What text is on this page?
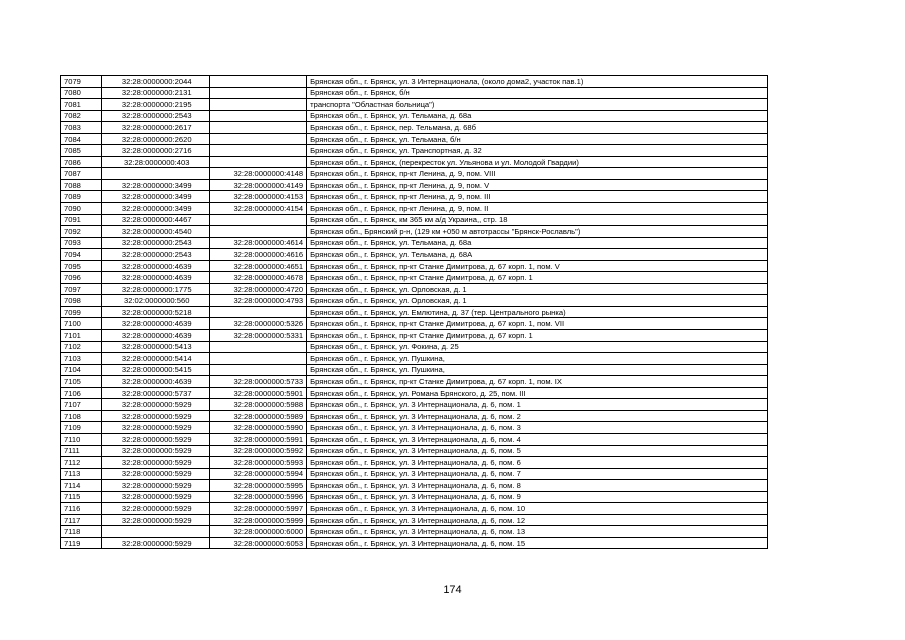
7079	32:28:0000000:2044		Брянская обл., г. Брянск, ул. 3 Интернационала, (около дома2, участок пав.1)
7080	32:28:0000000:2131		Брянская обл., г. Брянск, б/н
7081	32:28:0000000:2195		транспорта "Областная больница")
7082	32:28:0000000:2543		Брянская обл., г. Брянск, ул. Тельмана, д. 68а
7083	32:28:0000000:2617		Брянская обл., г. Брянск, пер. Тельмана, д. 68б
7084	32:28:0000000:2620		Брянская обл., г. Брянск, ул. Тельмана, б/н
7085	32:28:0000000:2716		Брянская обл., г. Брянск, ул. Транспортная, д. 32
7086	32:28:0000000:403		Брянская обл., г. Брянск, (перекресток ул. Ульянова и ул. Молодой Гвардии)
7087		32:28:0000000:4148	Брянская обл., г. Брянск, пр-кт Ленина, д. 9, пом. VIII
7088	32:28:0000000:3499	32:28:0000000:4149	Брянская обл., г. Брянск, пр-кт Ленина, д. 9, пом. V
7089	32:28:0000000:3499	32:28:0000000:4153	Брянская обл., г. Брянск, пр-кт Ленина, д. 9, пом. III
7090	32:28:0000000:3499	32:28:0000000:4154	Брянская обл., г. Брянск, пр-кт Ленина, д. 9, пом. II
7091	32:28:0000000:4467		Брянская обл., г. Брянск, км 365 км а/д Украина,, стр. 18
7092	32:28:0000000:4540		Брянская обл., Брянский р-н, (129 км +050 м автотрассы "Брянск-Рославль")
7093	32:28:0000000:2543	32:28:0000000:4614	Брянская обл., г. Брянск, ул. Тельмана, д. 68а
7094	32:28:0000000:2543	32:28:0000000:4616	Брянская обл., г. Брянск, ул. Тельмана, д. 68А
7095	32:28:0000000:4639	32:28:0000000:4651	Брянская обл., г. Брянск, пр-кт Станке Димитрова, д. 67 корп. 1, пом. V
7096	32:28:0000000:4639	32:28:0000000:4678	Брянская обл., г. Брянск, пр-кт Станке Димитрова, д. 67 корп. 1
7097	32:28:0000000:1775	32:28:0000000:4720	Брянская обл., г. Брянск, ул. Орловская, д. 1
7098	32:02:0000000:560	32:28:0000000:4793	Брянская обл., г. Брянск, ул. Орловская, д. 1
7099	32:28:0000000:5218		Брянская обл., г. Брянск, ул. Емлютина, д. 37 (тер. Центрального рынка)
7100	32:28:0000000:4639	32:28:0000000:5326	Брянская обл., г. Брянск, пр-кт Станке Димитрова, д. 67 корп. 1, пом. VII
7101	32:28:0000000:4639	32:28:0000000:5331	Брянская обл., г. Брянск, пр-кт Станке Димитрова, д. 67 корп. 1
7102	32:28:0000000:5413		Брянская обл., г. Брянск, ул. Фокина, д. 25
7103	32:28:0000000:5414		Брянская обл., г. Брянск, ул. Пушкина,
7104	32:28:0000000:5415		Брянская обл., г. Брянск, ул. Пушкина,
7105	32:28:0000000:4639	32:28:0000000:5733	Брянская обл., г. Брянск, пр-кт Станке Димитрова, д. 67 корп. 1, пом. IX
7106	32:28:0000000:5737	32:28:0000000:5901	Брянская обл., г. Брянск, ул. Романа Брянского, д. 25, пом. III
7107	32:28:0000000:5929	32:28:0000000:5988	Брянская обл., г. Брянск, ул. 3 Интернационала, д. 6, пом. 1
7108	32:28:0000000:5929	32:28:0000000:5989	Брянская обл., г. Брянск, ул. 3 Интернационала, д. 6, пом. 2
7109	32:28:0000000:5929	32:28:0000000:5990	Брянская обл., г. Брянск, ул. 3 Интернационала, д. 6, пом. 3
7110	32:28:0000000:5929	32:28:0000000:5991	Брянская обл., г. Брянск, ул. 3 Интернационала, д. 6, пом. 4
7111	32:28:0000000:5929	32:28:0000000:5992	Брянская обл., г. Брянск, ул. 3 Интернационала, д. 6, пом. 5
7112	32:28:0000000:5929	32:28:0000000:5993	Брянская обл., г. Брянск, ул. 3 Интернационала, д. 6, пом. 6
7113	32:28:0000000:5929	32:28:0000000:5994	Брянская обл., г. Брянск, ул. 3 Интернационала, д. 6, пом. 7
7114	32:28:0000000:5929	32:28:0000000:5995	Брянская обл., г. Брянск, ул. 3 Интернационала, д. 6, пом. 8
7115	32:28:0000000:5929	32:28:0000000:5996	Брянская обл., г. Брянск, ул. 3 Интернационала, д. 6, пом. 9
7116	32:28:0000000:5929	32:28:0000000:5997	Брянская обл., г. Брянск, ул. 3 Интернационала, д. 6, пом. 10
7117	32:28:0000000:5929	32:28:0000000:5999	Брянская обл., г. Брянск, ул. 3 Интернационала, д. 6, пом. 12
7118		32:28:0000000:6000	Брянская обл., г. Брянск, ул. 3 Интернационала, д. 6, пом. 13
7119	32:28:0000000:5929	32:28:0000000:6053	Брянская обл., г. Брянск, ул. 3 Интернационала, д. 6, пом. 15
174
